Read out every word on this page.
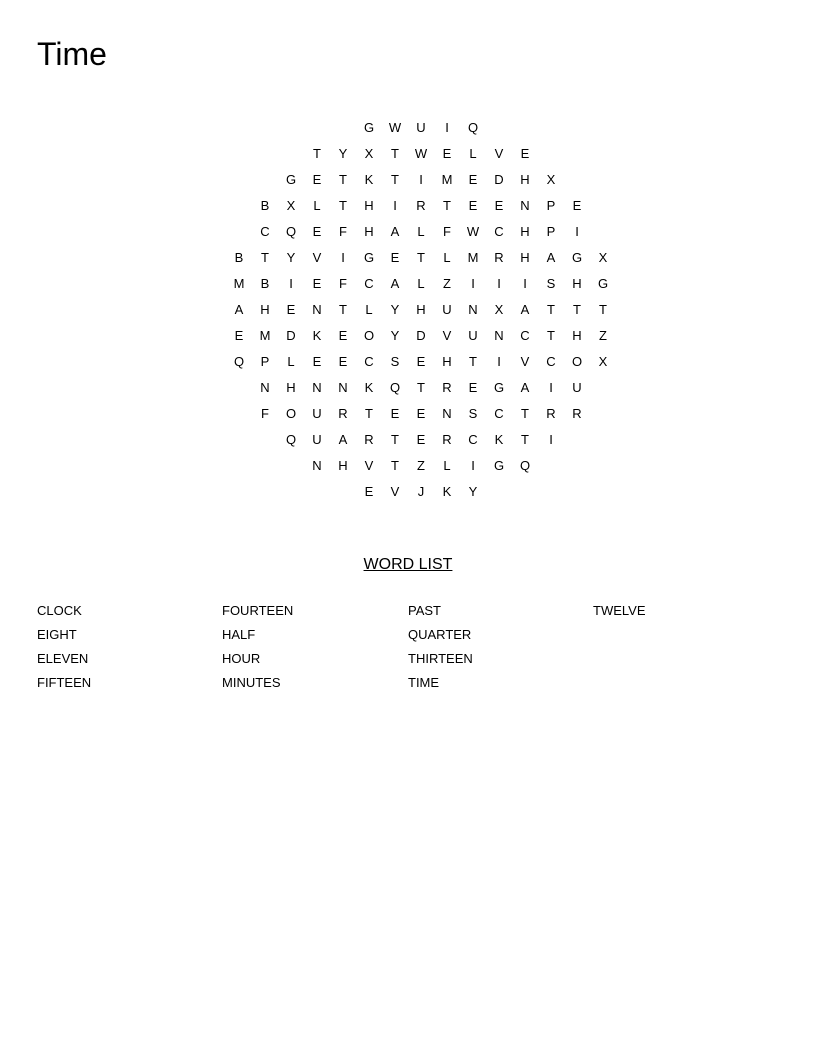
Time
G	W	U	I	Q
T	Y	X	T	W	E	L	V	E
G	E	T	K	T	I	M	E	D	H	X
B	X	L	T	H	I	R	T	E	E	N	P	E
C	Q	E	F	H	A	L	F	W	C	H	P	I
B	T	Y	V	I	G	E	T	L	M	R	H	A	G	X
M	B	I	E	F	C	A	L	Z	I	I	I	S	H	G
A	H	E	N	T	L	Y	H	U	N	X	A	T	T	T
E	M	D	K	E	O	Y	D	V	U	N	C	T	H	Z
Q	P	L	E	E	C	S	E	H	T	I	V	C	O	X
N	H	N	N	K	Q	T	R	E	G	A	I	U
F	O	U	R	T	E	E	N	S	C	T	R	R
Q	U	A	R	T	E	R	C	K	T	I
N	H	V	T	Z	L	I	G	Q
E	V	J	K	Y
WORD LIST
CLOCK
EIGHT
ELEVEN
FIFTEEN
FOURTEEN
HALF
HOUR
MINUTES
PAST
QUARTER
THIRTEEN
TIME
TWELVE
